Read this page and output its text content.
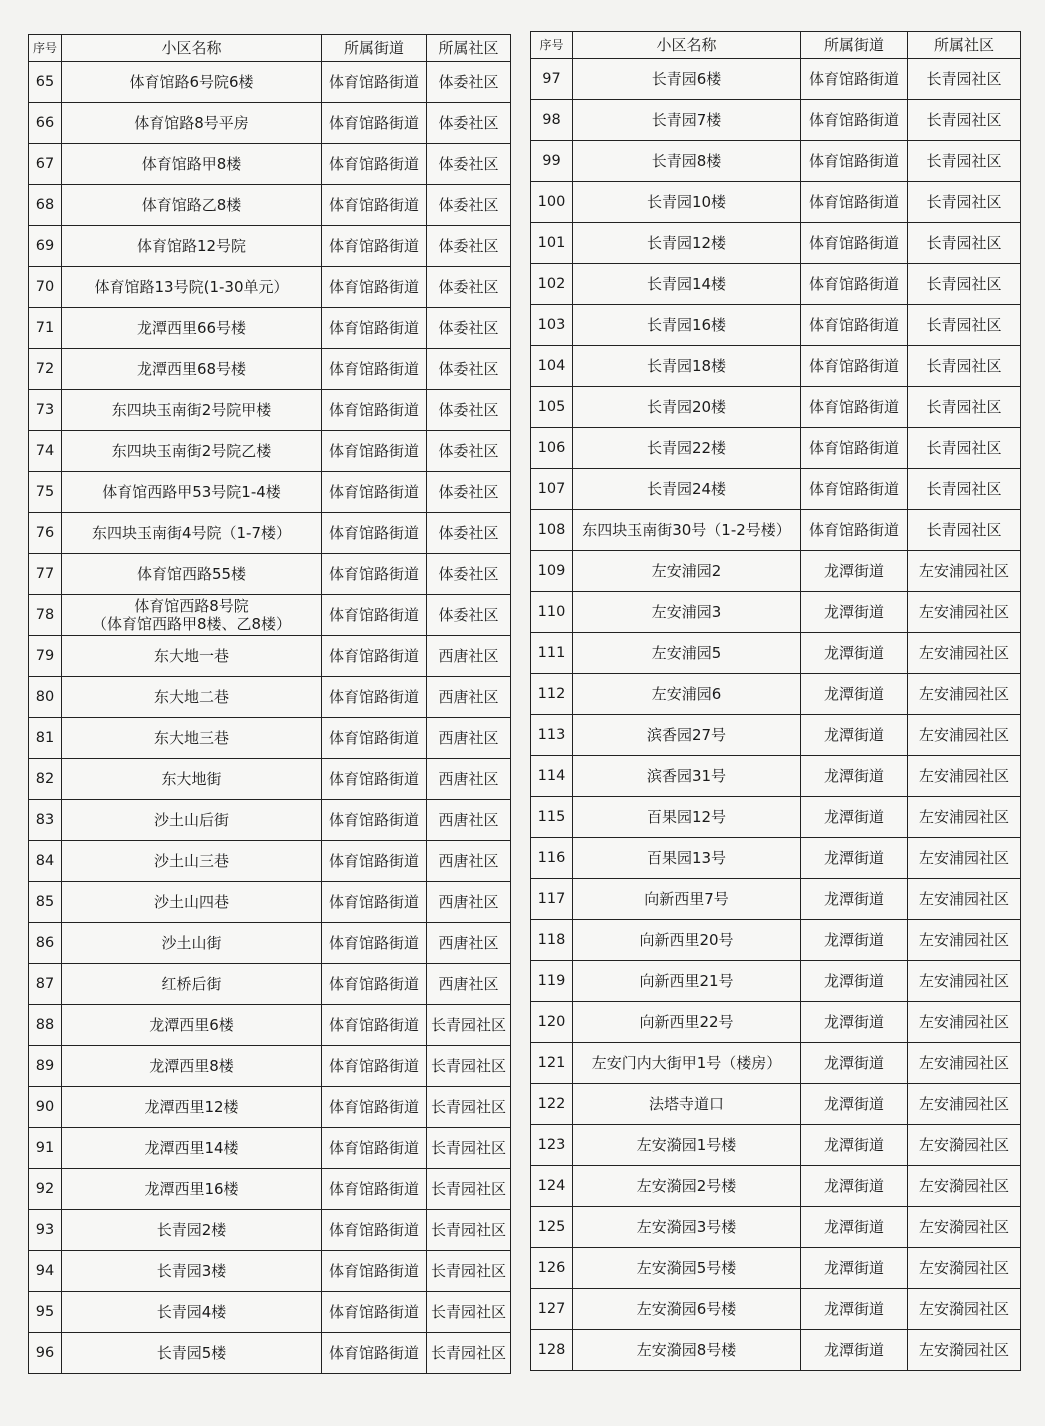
序号	小区名称	所属街道	所属社区
65	体育馆路6号院6楼	体育馆路街道	体委社区
66	体育馆路8号平房	体育馆路街道	体委社区
67	体育馆路甲8楼	体育馆路街道	体委社区
68	体育馆路乙8楼	体育馆路街道	体委社区
69	体育馆路12号院	体育馆路街道	体委社区
70	体育馆路13号院(1-30单元）	体育馆路街道	体委社区
71	龙潭西里66号楼	体育馆路街道	体委社区
72	龙潭西里68号楼	体育馆路街道	体委社区
73	东四块玉南街2号院甲楼	体育馆路街道	体委社区
74	东四块玉南街2号院乙楼	体育馆路街道	体委社区
75	体育馆西路甲53号院1-4楼	体育馆路街道	体委社区
76	东四块玉南街4号院（1-7楼）	体育馆路街道	体委社区
77	体育馆西路55楼	体育馆路街道	体委社区
78	体育馆西路8号院
（体育馆西路甲8楼、乙8楼）	体育馆路街道	体委社区
79	东大地一巷	体育馆路街道	西唐社区
80	东大地二巷	体育馆路街道	西唐社区
81	东大地三巷	体育馆路街道	西唐社区
82	东大地街	体育馆路街道	西唐社区
83	沙土山后街	体育馆路街道	西唐社区
84	沙土山三巷	体育馆路街道	西唐社区
85	沙土山四巷	体育馆路街道	西唐社区
86	沙土山街	体育馆路街道	西唐社区
87	红桥后街	体育馆路街道	西唐社区
88	龙潭西里6楼	体育馆路街道	长青园社区
89	龙潭西里8楼	体育馆路街道	长青园社区
90	龙潭西里12楼	体育馆路街道	长青园社区
91	龙潭西里14楼	体育馆路街道	长青园社区
92	龙潭西里16楼	体育馆路街道	长青园社区
93	长青园2楼	体育馆路街道	长青园社区
94	长青园3楼	体育馆路街道	长青园社区
95	长青园4楼	体育馆路街道	长青园社区
96	长青园5楼	体育馆路街道	长青园社区
序号	小区名称	所属街道	所属社区
97	长青园6楼	体育馆路街道	长青园社区
98	长青园7楼	体育馆路街道	长青园社区
99	长青园8楼	体育馆路街道	长青园社区
100	长青园10楼	体育馆路街道	长青园社区
101	长青园12楼	体育馆路街道	长青园社区
102	长青园14楼	体育馆路街道	长青园社区
103	长青园16楼	体育馆路街道	长青园社区
104	长青园18楼	体育馆路街道	长青园社区
105	长青园20楼	体育馆路街道	长青园社区
106	长青园22楼	体育馆路街道	长青园社区
107	长青园24楼	体育馆路街道	长青园社区
108	东四块玉南街30号（1-2号楼）	体育馆路街道	长青园社区
109	左安浦园2	龙潭街道	左安浦园社区
110	左安浦园3	龙潭街道	左安浦园社区
111	左安浦园5	龙潭街道	左安浦园社区
112	左安浦园6	龙潭街道	左安浦园社区
113	滨香园27号	龙潭街道	左安浦园社区
114	滨香园31号	龙潭街道	左安浦园社区
115	百果园12号	龙潭街道	左安浦园社区
116	百果园13号	龙潭街道	左安浦园社区
117	向新西里7号	龙潭街道	左安浦园社区
118	向新西里20号	龙潭街道	左安浦园社区
119	向新西里21号	龙潭街道	左安浦园社区
120	向新西里22号	龙潭街道	左安浦园社区
121	左安门内大街甲1号（楼房）	龙潭街道	左安浦园社区
122	法塔寺道口	龙潭街道	左安浦园社区
123	左安漪园1号楼	龙潭街道	左安漪园社区
124	左安漪园2号楼	龙潭街道	左安漪园社区
125	左安漪园3号楼	龙潭街道	左安漪园社区
126	左安漪园5号楼	龙潭街道	左安漪园社区
127	左安漪园6号楼	龙潭街道	左安漪园社区
128	左安漪园8号楼	龙潭街道	左安漪园社区
